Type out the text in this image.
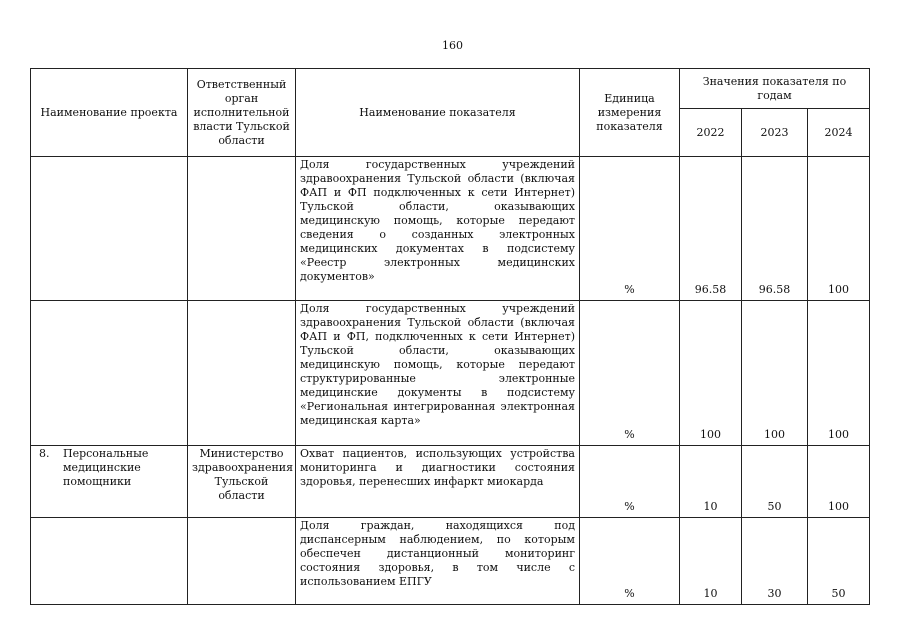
160
Наименование проекта	Ответственный орган исполнительной власти Тульской области	Наименование показателя	Единица измерения показателя	Значения показателя по годам		
				2022	2023	2024
		Доля государственных учреждений здравоохранения Тульской области (включая ФАП и ФП подключенных к сети Интернет) Тульской области, оказывающих медицинскую помощь, которые передают сведения о созданных электронных медицинских документах в подсистему «Реестр электронных медицинских документов»	%	96.58	96.58	100
		Доля государственных учреждений здравоохранения Тульской области (включая ФАП и ФП, подключенных к сети Интернет) Тульской области, оказывающих медицинскую помощь, которые передают структурированные электронные медицинские документы в подсистему «Региональная интегрированная электронная медицинская карта»	%	100	100	100

8. Персональные медицинские помощники	Министерство здравоохранения Тульской области	Охват пациентов, использующих устройства мониторинга и диагностики состояния здоровья, перенесших инфаркт миокарда	%	10	50	100
		Доля граждан, находящихся под диспансерным наблюдением, по которым обеспечен дистанционный мониторинг состояния здоровья, в том числе с использованием ЕПГУ	%	10	30	50
